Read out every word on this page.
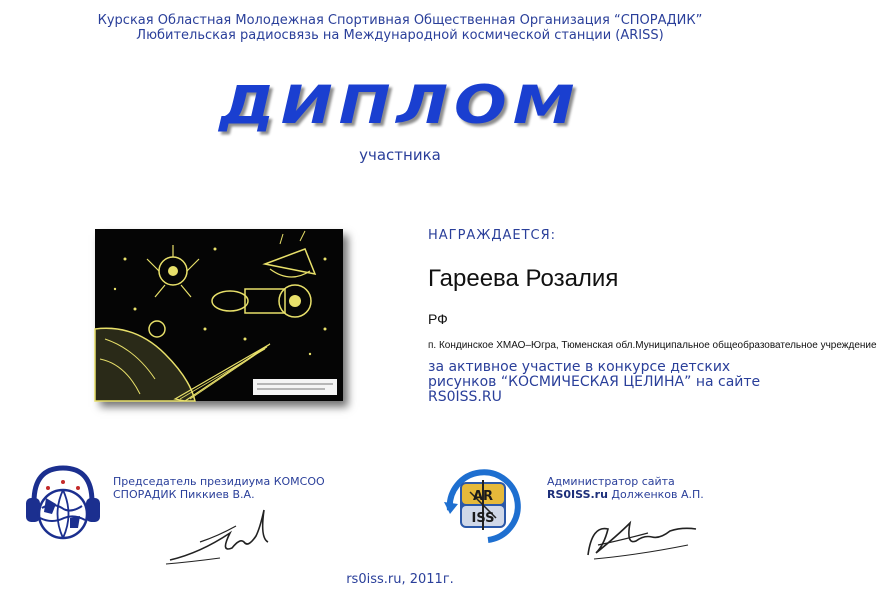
Курская Областная Молодежная Спортивная Общественная Организация “СПОРАДИК”
Любительская радиосвязь на Международной космической станции (ARISS)
ДИПЛОМ
участника
НАГРАЖДАЕТСЯ:
Гареева Розалия
РФ
п. Кондинское ХМАО–Югра, Тюменская обл.Муниципальное общеобразовательное учреждение
за активное участие в конкурсе детских рисунков “КОСМИЧЕСКАЯ ЦЕЛИНА” на сайте RS0ISS.RU
Председатель президиума КОМСОО
СПОРАДИК Пиккиев В.А.	AR
ISS
Администратор сайта
RS0ISS.ru Долженков А.П.
rs0iss.ru, 2011г.
